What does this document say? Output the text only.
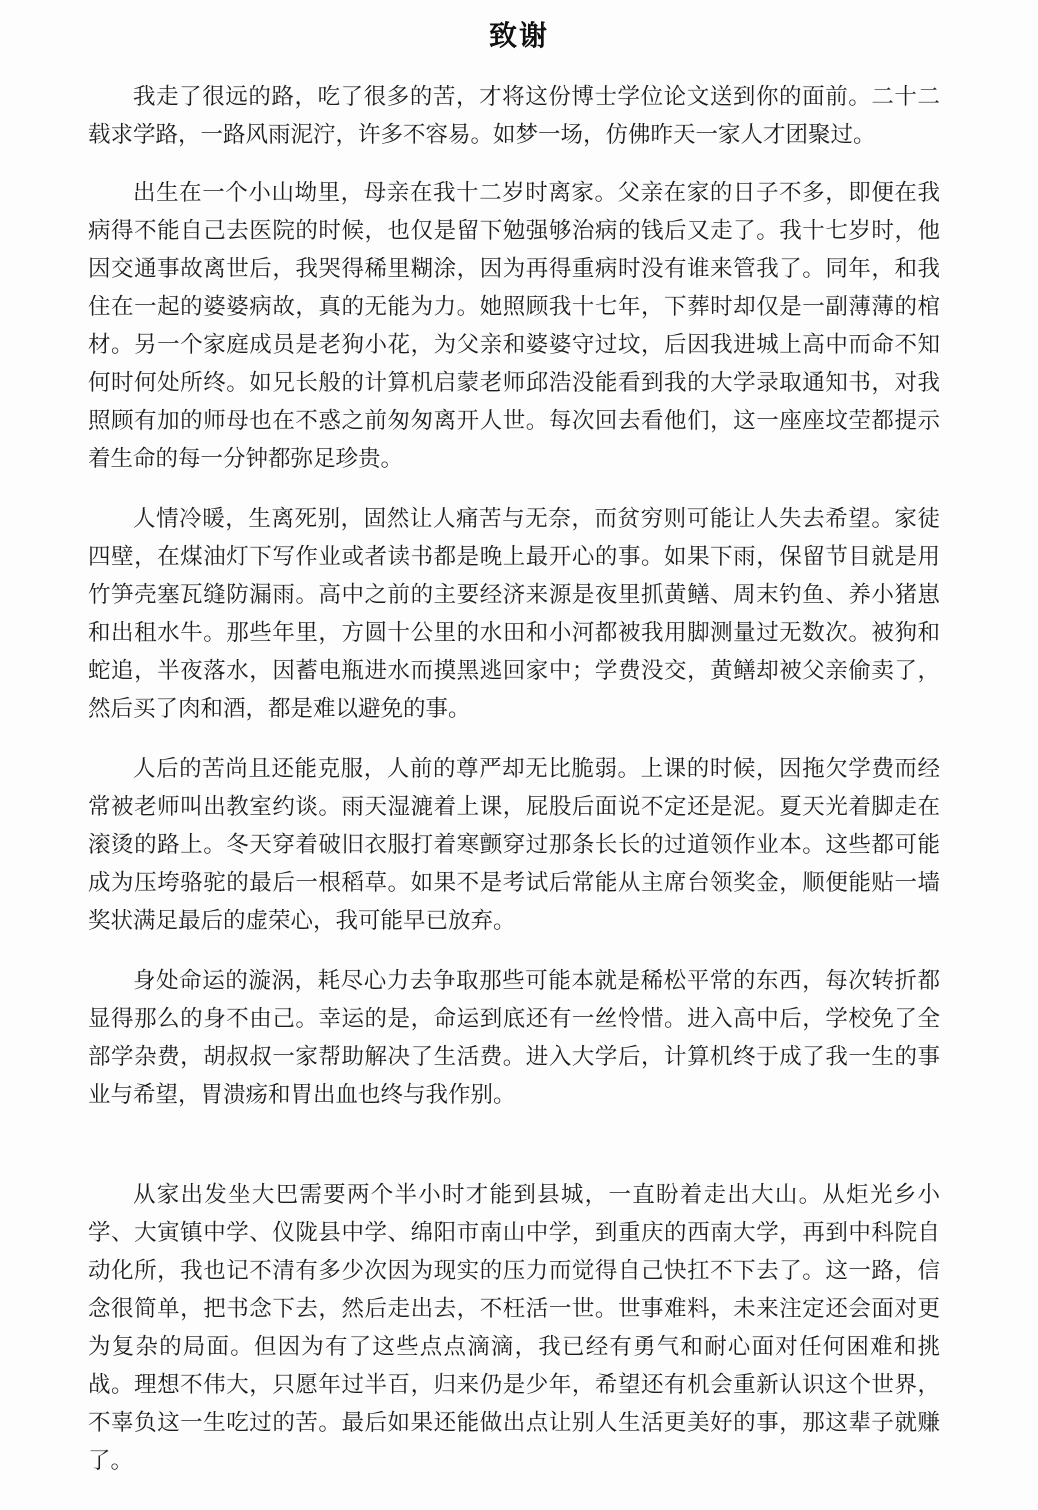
致谢

我走了很远的路，吃了很多的苦，才将这份博士学位论文送到你的面前。二十二载求学路，一路风雨泥泞，许多不容易。如梦一场，仿佛昨天一家人才团聚过。

出生在一个小山坳里，母亲在我十二岁时离家。父亲在家的日子不多，即便在我病得不能自己去医院的时候，也仅是留下勉强够治病的钱后又走了。我十七岁时，他因交通事故离世后，我哭得稀里糊涂，因为再得重病时没有谁来管我了。同年，和我住在一起的婆婆病故，真的无能为力。她照顾我十七年，下葬时却仅是一副薄薄的棺材。另一个家庭成员是老狗小花，为父亲和婆婆守过坟，后因我进城上高中而命不知何时何处所终。如兄长般的计算机启蒙老师邱浩没能看到我的大学录取通知书，对我照顾有加的师母也在不惑之前匆匆离开人世。每次回去看他们，这一座座坟茔都提示着生命的每一分钟都弥足珍贵。

人情冷暖，生离死别，固然让人痛苦与无奈，而贫穷则可能让人失去希望。家徒四壁，在煤油灯下写作业或者读书都是晚上最开心的事。如果下雨，保留节目就是用竹笋壳塞瓦缝防漏雨。高中之前的主要经济来源是夜里抓黄鳝、周末钓鱼、养小猪崽和出租水牛。那些年里，方圆十公里的水田和小河都被我用脚测量过无数次。被狗和蛇追，半夜落水，因蓄电瓶进水而摸黑逃回家中；学费没交，黄鳝却被父亲偷卖了，然后买了肉和酒，都是难以避免的事。

人后的苦尚且还能克服，人前的尊严却无比脆弱。上课的时候，因拖欠学费而经常被老师叫出教室约谈。雨天湿漉着上课，屁股后面说不定还是泥。夏天光着脚走在滚烫的路上。冬天穿着破旧衣服打着寒颤穿过那条长长的过道领作业本。这些都可能成为压垮骆驼的最后一根稻草。如果不是考试后常能从主席台领奖金，顺便能贴一墙奖状满足最后的虚荣心，我可能早已放弃。

身处命运的漩涡，耗尽心力去争取那些可能本就是稀松平常的东西，每次转折都显得那么的身不由己。幸运的是，命运到底还有一丝怜惜。进入高中后，学校免了全部学杂费，胡叔叔一家帮助解决了生活费。进入大学后，计算机终于成了我一生的事业与希望，胃溃疡和胃出血也终与我作别。

从家出发坐大巴需要两个半小时才能到县城，一直盼着走出大山。从炬光乡小学、大寅镇中学、仪陇县中学、绵阳市南山中学，到重庆的西南大学，再到中科院自动化所，我也记不清有多少次因为现实的压力而觉得自己快扛不下去了。这一路，信念很简单，把书念下去，然后走出去，不枉活一世。世事难料，未来注定还会面对更为复杂的局面。但因为有了这些点点滴滴，我已经有勇气和耐心面对任何困难和挑战。理想不伟大，只愿年过半百，归来仍是少年，希望还有机会重新认识这个世界，不辜负这一生吃过的苦。最后如果还能做出点让别人生活更美好的事，那这辈子就赚了。
